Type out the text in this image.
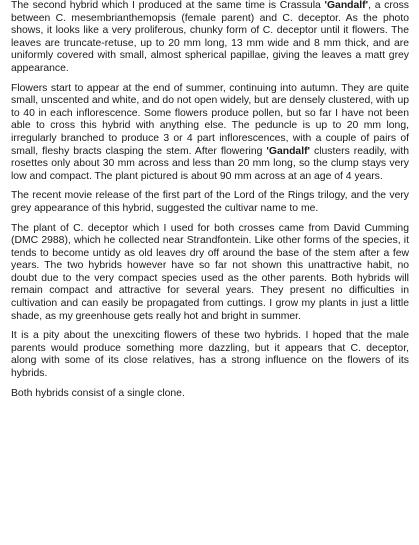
The second hybrid which I produced at the same time is Crassula 'Gandalf', a cross between C. mesembrianthemopsis (female parent) and C. deceptor. As the photo shows, it looks like a very proliferous, chunky form of C. deceptor until it flowers. The leaves are truncate-retuse, up to 20 mm long, 13 mm wide and 8 mm thick, and are uniformly covered with small, almost spherical papillae, giving the leaves a matt grey appearance.

Flowers start to appear at the end of summer, continuing into autumn. They are quite small, unscented and white, and do not open widely, but are densely clustered, with up to 40 in each inflorescence. Some flowers produce pollen, but so far I have not been able to cross this hybrid with anything else. The peduncle is up to 20 mm long, irregularly branched to produce 3 or 4 part inflorescences, with a couple of pairs of small, fleshy bracts clasping the stem. After flowering 'Gandalf' clusters readily, with rosettes only about 30 mm across and less than 20 mm long, so the clump stays very low and compact. The plant pictured is about 90 mm across at an age of 4 years.

The recent movie release of the first part of the Lord of the Rings trilogy, and the very grey appearance of this hybrid, suggested the cultivar name to me.

The plant of C. deceptor which I used for both crosses came from David Cumming (DMC 2988), which he collected near Strandfontein. Like other forms of the species, it tends to become untidy as old leaves dry off around the base of the stem after a few years. The two hybrids however have so far not shown this unattractive habit, no doubt due to the very compact species used as the other parents. Both hybrids will remain compact and attractive for several years. They present no difficulties in cultivation and can easily be propagated from cuttings. I grow my plants in just a little shade, as my greenhouse gets really hot and bright in summer.

It is a pity about the unexciting flowers of these two hybrids. I hoped that the male parents would produce something more dazzling, but it appears that C. deceptor, along with some of its close relatives, has a strong influence on the flowers of its hybrids.

Both hybrids consist of a single clone.
